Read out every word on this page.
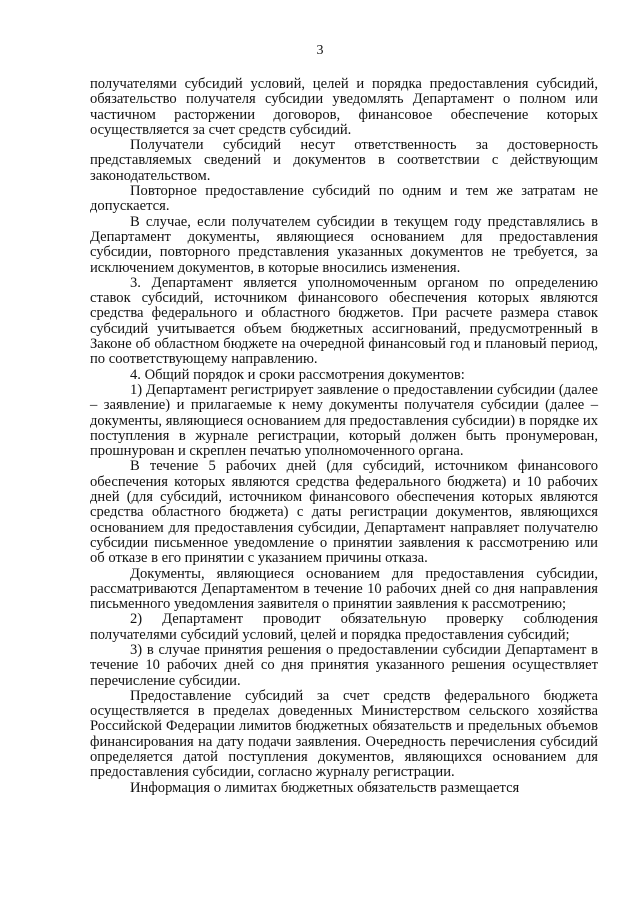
3

получателями субсидий условий, целей и порядка предоставления субсидий, обязательство получателя субсидии уведомлять Департамент о полном или частичном расторжении договоров, финансовое обеспечение которых осуществляется за счет средств субсидий.

Получатели субсидий несут ответственность за достоверность представляемых сведений и документов в соответствии с действующим законодательством.

Повторное предоставление субсидий по одним и тем же затратам не допускается.

В случае, если получателем субсидии в текущем году представлялись в Департамент документы, являющиеся основанием для предоставления субсидии, повторного представления указанных документов не требуется, за исключением документов, в которые вносились изменения.

3. Департамент является уполномоченным органом по определению ставок субсидий, источником финансового обеспечения которых являются средства федерального и областного бюджетов. При расчете размера ставок субсидий учитывается объем бюджетных ассигнований, предусмотренный в Законе об областном бюджете на очередной финансовый год и плановый период, по соответствующему направлению.

4. Общий порядок и сроки рассмотрения документов:

1) Департамент регистрирует заявление о предоставлении субсидии (далее – заявление) и прилагаемые к нему документы получателя субсидии (далее – документы, являющиеся основанием для предоставления субсидии) в порядке их поступления в журнале регистрации, который должен быть пронумерован, прошнурован и скреплен печатью уполномоченного органа.

В течение 5 рабочих дней (для субсидий, источником финансового обеспечения которых являются средства федерального бюджета) и 10 рабочих дней (для субсидий, источником финансового обеспечения которых являются средства областного бюджета) с даты регистрации документов, являющихся основанием для предоставления субсидии, Департамент направляет получателю субсидии письменное уведомление о принятии заявления к рассмотрению или об отказе в его принятии с указанием причины отказа.

Документы, являющиеся основанием для предоставления субсидии, рассматриваются Департаментом в течение 10 рабочих дней со дня направления письменного уведомления заявителя о принятии заявления к рассмотрению;

2) Департамент проводит обязательную проверку соблюдения получателями субсидий условий, целей и порядка предоставления субсидий;

3) в случае принятия решения о предоставлении субсидии Департамент в течение 10 рабочих дней со дня принятия указанного решения осуществляет перечисление субсидии.

Предоставление субсидий за счет средств федерального бюджета осуществляется в пределах доведенных Министерством сельского хозяйства Российской Федерации лимитов бюджетных обязательств и предельных объемов финансирования на дату подачи заявления. Очередность перечисления субсидий определяется датой поступления документов, являющихся основанием для предоставления субсидии, согласно журналу регистрации.

Информация о лимитах бюджетных обязательств размещается
